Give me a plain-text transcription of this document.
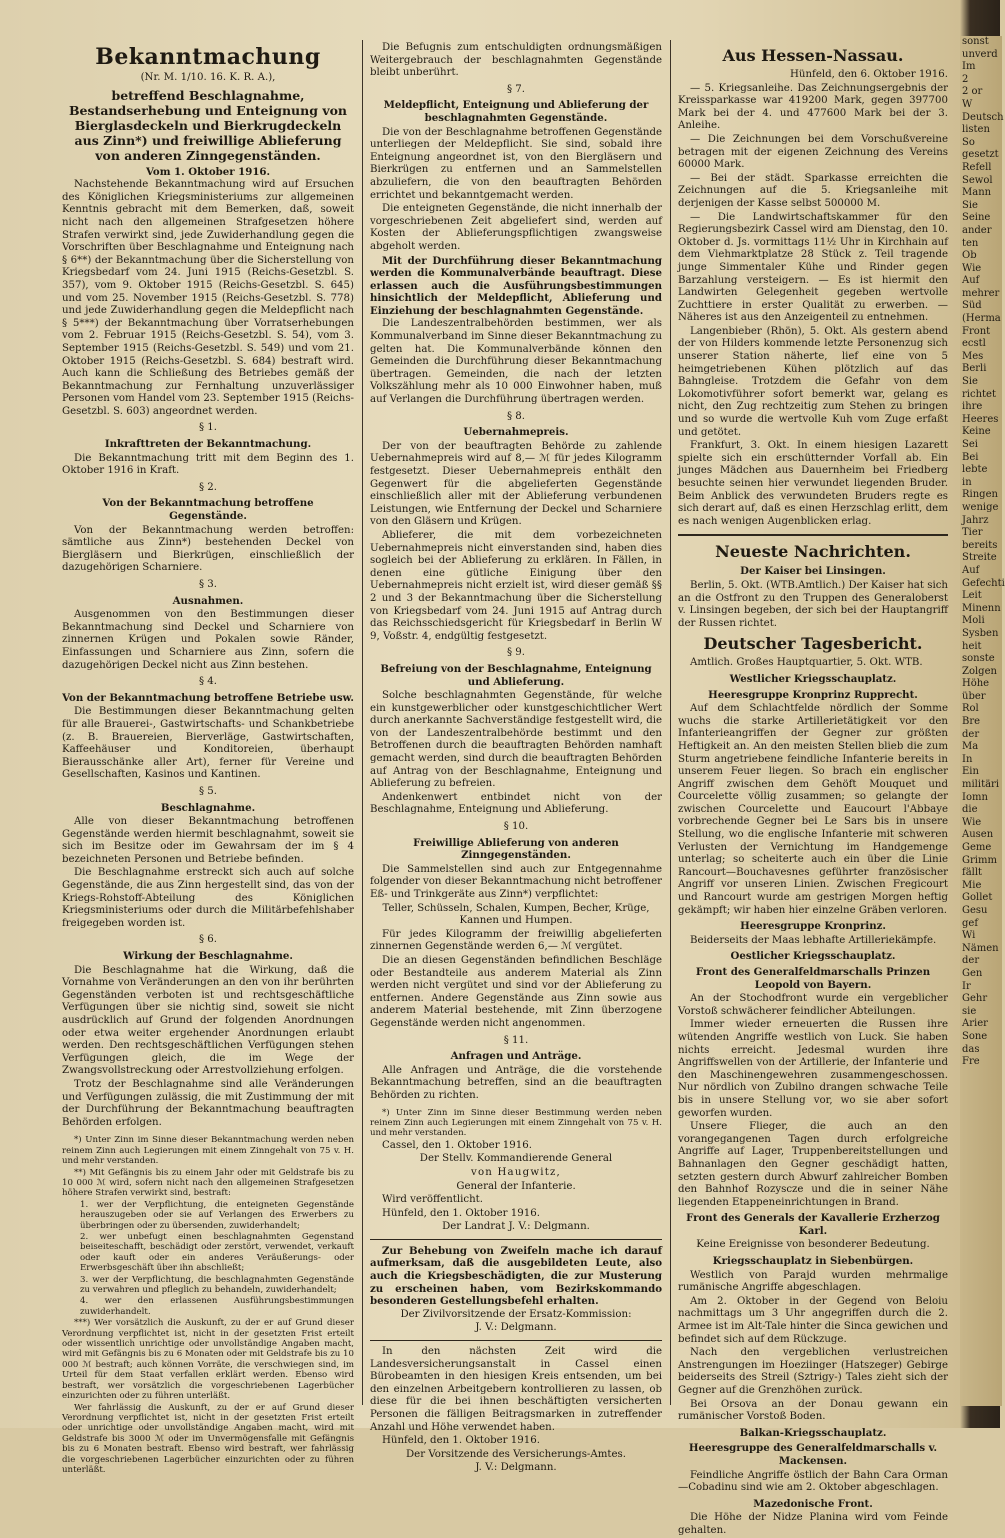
Bekanntmachung

(Nr. M. 1/10. 16. K. R. A.),

betreffend Beschlagnahme, Bestandserhebung und Enteignung von Bierglasdeckeln und Bierkrugdeckeln aus Zinn*) und freiwillige Ablieferung von anderen Zinngegenständen.

Vom 1. Oktober 1916.

Nachstehende Bekanntmachung wird auf Ersuchen des Königlichen Kriegsministeriums zur allgemeinen Kenntnis gebracht mit dem Bemerken, daß, soweit nicht nach den allgemeinen Strafgesetzen höhere Strafen verwirkt sind, jede Zuwiderhandlung gegen die Vorschriften über Beschlagnahme und Enteignung nach § 6**) der Bekanntmachung über die Sicherstellung von Kriegsbedarf vom 24. Juni 1915 (Reichs-Gesetzbl. S. 357), vom 9. Oktober 1915 (Reichs-Gesetzbl. S. 645) und vom 25. November 1915 (Reichs-Gesetzbl. S. 778) und jede Zuwiderhandlung gegen die Meldepflicht nach § 5***) der Bekanntmachung über Vorratserhebungen vom 2. Februar 1915 (Reichs-Gesetzbl. S. 54), vom 3. September 1915 (Reichs-Gesetzbl. S. 549) und vom 21. Oktober 1915 (Reichs-Gesetzbl. S. 684) bestraft wird. Auch kann die Schließung des Betriebes gemäß der Bekanntmachung zur Fernhaltung unzuverlässiger Personen vom Handel vom 23. September 1915 (Reichs-Gesetzbl. S. 603) angeordnet werden.

§ 1.

Inkrafttreten der Bekanntmachung.

Die Bekanntmachung tritt mit dem Beginn des 1. Oktober 1916 in Kraft.

§ 2.

Von der Bekanntmachung betroffene Gegenstände.

Von der Bekanntmachung werden betroffen: sämtliche aus Zinn*) bestehenden Deckel von Biergläsern und Bierkrügen, einschließlich der dazugehörigen Scharniere.

§ 3.

Ausnahmen.

Ausgenommen von den Bestimmungen dieser Bekanntmachung sind Deckel und Scharniere von zinnernen Krügen und Pokalen sowie Ränder, Einfassungen und Scharniere aus Zinn, sofern die dazugehörigen Deckel nicht aus Zinn bestehen.

§ 4.

Von der Bekanntmachung betroffene Betriebe usw.

Die Bestimmungen dieser Bekanntmachung gelten für alle Brauerei-, Gastwirtschafts- und Schankbetriebe (z. B. Brauereien, Bierverläge, Gastwirtschaften, Kaffeehäuser und Konditoreien, überhaupt Bierausschänke aller Art), ferner für Vereine und Gesellschaften, Kasinos und Kantinen.

§ 5.

Beschlagnahme.

Alle von dieser Bekanntmachung betroffenen Gegenstände werden hiermit beschlagnahmt, soweit sie sich im Besitze oder im Gewahrsam der im § 4 bezeichneten Personen und Betriebe befinden.

Die Beschlagnahme erstreckt sich auch auf solche Gegenstände, die aus Zinn hergestellt sind, das von der Kriegs-Rohstoff-Abteilung des Königlichen Kriegsministeriums oder durch die Militärbefehlshaber freigegeben worden ist.

§ 6.

Wirkung der Beschlagnahme.

Die Beschlagnahme hat die Wirkung, daß die Vornahme von Veränderungen an den von ihr berührten Gegenständen verboten ist und rechtsgeschäftliche Verfügungen über sie nichtig sind, soweit sie nicht ausdrücklich auf Grund der folgenden Anordnungen oder etwa weiter ergehender Anordnungen erlaubt werden. Den rechtsgeschäftlichen Verfügungen stehen Verfügungen gleich, die im Wege der Zwangsvollstreckung oder Arrestvollziehung erfolgen.

Trotz der Beschlagnahme sind alle Veränderungen und Verfügungen zulässig, die mit Zustimmung der mit der Durchführung der Bekanntmachung beauftragten Behörden erfolgen.

*) Unter Zinn im Sinne dieser Bekanntmachung werden neben reinem Zinn auch Legierungen mit einem Zinngehalt von 75 v. H. und mehr verstanden.

**) Mit Gefängnis bis zu einem Jahr oder mit Geldstrafe bis zu 10 000 ℳ wird, sofern nicht nach den allgemeinen Strafgesetzen höhere Strafen verwirkt sind, bestraft:

1. wer der Verpflichtung, die enteigneten Gegenstände herauszugeben oder sie auf Verlangen des Erwerbers zu überbringen oder zu übersenden, zuwiderhandelt;

2. wer unbefugt einen beschlagnahmten Gegenstand beiseiteschafft, beschädigt oder zerstört, verwendet, verkauft oder kauft oder ein anderes Veräußerungs- oder Erwerbsgeschäft über ihn abschließt;

3. wer der Verpflichtung, die beschlagnahmten Gegenstände zu verwahren und pfleglich zu behandeln, zuwiderhandelt;

4. wer den erlassenen Ausführungsbestimmungen zuwiderhandelt.

***) Wer vorsätzlich die Auskunft, zu der er auf Grund dieser Verordnung verpflichtet ist, nicht in der gesetzten Frist erteilt oder wissentlich unrichtige oder unvollständige Angaben macht, wird mit Gefängnis bis zu 6 Monaten oder mit Geldstrafe bis zu 10 000 ℳ bestraft; auch können Vorräte, die verschwiegen sind, im Urteil für dem Staat verfallen erklärt werden. Ebenso wird bestraft, wer vorsätzlich die vorgeschriebenen Lagerbücher einzurichten oder zu führen unterläßt.

Wer fahrlässig die Auskunft, zu der er auf Grund dieser Verordnung verpflichtet ist, nicht in der gesetzten Frist erteilt oder unrichtige oder unvollständige Angaben macht, wird mit Geldstrafe bis 3000 ℳ oder im Unvermögensfalle mit Gefängnis bis zu 6 Monaten bestraft. Ebenso wird bestraft, wer fahrlässig die vorgeschriebenen Lagerbücher einzurichten oder zu führen unterläßt.

Die Befugnis zum entschuldigten ordnungsmäßigen Weitergebrauch der beschlagnahmten Gegenstände bleibt unberührt.

§ 7.

Meldepflicht, Enteignung und Ablieferung der beschlagnahmten Gegenstände.

Die von der Beschlagnahme betroffenen Gegenstände unterliegen der Meldepflicht. Sie sind, sobald ihre Enteignung angeordnet ist, von den Biergläsern und Bierkrügen zu entfernen und an Sammelstellen abzuliefern, die von den beauftragten Behörden errichtet und bekanntgemacht werden.

Die enteigneten Gegenstände, die nicht innerhalb der vorgeschriebenen Zeit abgeliefert sind, werden auf Kosten der Ablieferungspflichtigen zwangsweise abgeholt werden.

Mit der Durchführung dieser Bekanntmachung werden die Kommunalverbände beauftragt. Diese erlassen auch die Ausführungsbestimmungen hinsichtlich der Meldepflicht, Ablieferung und Einziehung der beschlagnahmten Gegenstände.

Die Landeszentralbehörden bestimmen, wer als Kommunalverband im Sinne dieser Bekanntmachung zu gelten hat. Die Kommunalverbände können den Gemeinden die Durchführung dieser Bekanntmachung übertragen. Gemeinden, die nach der letzten Volkszählung mehr als 10 000 Einwohner haben, muß auf Verlangen die Durchführung übertragen werden.

§ 8.

Uebernahmepreis.

Der von der beauftragten Behörde zu zahlende Uebernahmepreis wird auf 8,— ℳ für jedes Kilogramm festgesetzt. Dieser Uebernahmepreis enthält den Gegenwert für die abgelieferten Gegenstände einschließlich aller mit der Ablieferung verbundenen Leistungen, wie Entfernung der Deckel und Scharniere von den Gläsern und Krügen.

Ablieferer, die mit dem vorbezeichneten Uebernahmepreis nicht einverstanden sind, haben dies sogleich bei der Ablieferung zu erklären. In Fällen, in denen eine gütliche Einigung über den Uebernahmepreis nicht erzielt ist, wird dieser gemäß §§ 2 und 3 der Bekanntmachung über die Sicherstellung von Kriegsbedarf vom 24. Juni 1915 auf Antrag durch das Reichsschiedsgericht für Kriegsbedarf in Berlin W 9, Voßstr. 4, endgültig festgesetzt.

§ 9.

Befreiung von der Beschlagnahme, Enteignung und Ablieferung.

Solche beschlagnahmten Gegenstände, für welche ein kunstgewerblicher oder kunstgeschichtlicher Wert durch anerkannte Sachverständige festgestellt wird, die von der Landeszentralbehörde bestimmt und den Betroffenen durch die beauftragten Behörden namhaft gemacht werden, sind durch die beauftragten Behörden auf Antrag von der Beschlagnahme, Enteignung und Ablieferung zu befreien.

Andenkenwert entbindet nicht von der Beschlagnahme, Enteignung und Ablieferung.

§ 10.

Freiwillige Ablieferung von anderen Zinngegenständen.

Die Sammelstellen sind auch zur Entgegennahme folgender von dieser Bekanntmachung nicht betroffener Eß- und Trinkgeräte aus Zinn*) verpflichtet:

Teller, Schüsseln, Schalen, Kumpen, Becher, Krüge, Kannen und Humpen.

Für jedes Kilogramm der freiwillig abgelieferten zinnernen Gegenstände werden 6,— ℳ vergütet.

Die an diesen Gegenständen befindlichen Beschläge oder Bestandteile aus anderem Material als Zinn werden nicht vergütet und sind vor der Ablieferung zu entfernen. Andere Gegenstände aus Zinn sowie aus anderem Material bestehende, mit Zinn überzogene Gegenstände werden nicht angenommen.

§ 11.

Anfragen und Anträge.

Alle Anfragen und Anträge, die die vorstehende Bekanntmachung betreffen, sind an die beauftragten Behörden zu richten.

*) Unter Zinn im Sinne dieser Bestimmung werden neben reinem Zinn auch Legierungen mit einem Zinngehalt von 75 v. H. und mehr verstanden.

Cassel, den 1. Oktober 1916.

Der Stellv. Kommandierende General

von Haugwitz,

General der Infanterie.

Wird veröffentlicht.

Hünfeld, den 1. Oktober 1916.

Der Landrat J. V.: Delgmann.

Zur Behebung von Zweifeln mache ich darauf aufmerksam, daß die ausgebildeten Leute, also auch die Kriegsbeschädigten, die zur Musterung zu erscheinen haben, vom Bezirkskommando besonderen Gestellungsbefehl erhalten.

Der Zivilvorsitzende der Ersatz-Kommission:

J. V.: Delgmann.

In den nächsten Zeit wird die Landesversicherungsanstalt in Cassel einen Bürobeamten in den hiesigen Kreis entsenden, um bei den einzelnen Arbeitgebern kontrollieren zu lassen, ob diese für die bei ihnen beschäftigten versicherten Personen die fälligen Beitragsmarken in zutreffender Anzahl und Höhe verwendet haben.

Hünfeld, den 1. Oktober 1916.

Der Vorsitzende des Versicherungs-Amtes.

J. V.: Delgmann.

Aus Hessen-Nassau.

Hünfeld, den 6. Oktober 1916.

— 5. Kriegsanleihe. Das Zeichnungsergebnis der Kreissparkasse war 419200 Mark, gegen 397700 Mark bei der 4. und 477600 Mark bei der 3. Anleihe.

— Die Zeichnungen bei dem Vorschußvereine betragen mit der eigenen Zeichnung des Vereins 60000 Mark.

— Bei der städt. Sparkasse erreichten die Zeichnungen auf die 5. Kriegsanleihe mit derjenigen der Kasse selbst 500000 M.

— Die Landwirtschaftskammer für den Regierungsbezirk Cassel wird am Dienstag, den 10. Oktober d. Js. vormittags 11½ Uhr in Kirchhain auf dem Viehmarktplatze 28 Stück z. Teil tragende junge Simmentaler Kühe und Rinder gegen Barzahlung versteigern. — Es ist hiermit den Landwirten Gelegenheit gegeben wertvolle Zuchttiere in erster Qualität zu erwerben. — Näheres ist aus den Anzeigenteil zu entnehmen.

Langenbieber (Rhön), 5. Okt. Als gestern abend der von Hilders kommende letzte Personenzug sich unserer Station näherte, lief eine von 5 heimgetriebenen Kühen plötzlich auf das Bahngleise. Trotzdem die Gefahr von dem Lokomotivführer sofort bemerkt war, gelang es nicht, den Zug rechtzeitig zum Stehen zu bringen und so wurde die wertvolle Kuh vom Zuge erfaßt und getötet.

Frankfurt, 3. Okt. In einem hiesigen Lazarett spielte sich ein erschütternder Vorfall ab. Ein junges Mädchen aus Dauernheim bei Friedberg besuchte seinen hier verwundet liegenden Bruder. Beim Anblick des verwundeten Bruders regte es sich derart auf, daß es einen Herzschlag erlitt, dem es nach wenigen Augenblicken erlag.

Neueste Nachrichten.

Der Kaiser bei Linsingen.

Berlin, 5. Okt. (WTB.Amtlich.) Der Kaiser hat sich an die Ostfront zu den Truppen des Generaloberst v. Linsingen begeben, der sich bei der Hauptangriff der Russen richtet.

Deutscher Tagesbericht.

Amtlich. Großes Hauptquartier, 5. Okt. WTB.

Westlicher Kriegsschauplatz.

Heeresgruppe Kronprinz Rupprecht.

Auf dem Schlachtfelde nördlich der Somme wuchs die starke Artillerietätigkeit vor den Infanterieangriffen der Gegner zur größten Heftigkeit an. An den meisten Stellen blieb die zum Sturm angetriebene feindliche Infanterie bereits in unserem Feuer liegen. So brach ein englischer Angriff zwischen dem Gehöft Mouquet und Courcelette völlig zusammen; so gelangte der zwischen Courcelette und Eaucourt l'Abbaye vorbrechende Gegner bei Le Sars bis in unsere Stellung, wo die englische Infanterie mit schweren Verlusten der Vernichtung im Handgemenge unterlag; so scheiterte auch ein über die Linie Rancourt—Bouchavesnes geführter französischer Angriff vor unseren Linien. Zwischen Fregicourt und Rancourt wurde am gestrigen Morgen heftig gekämpft; wir haben hier einzelne Gräben verloren.

Heeresgruppe Kronprinz.

Beiderseits der Maas lebhafte Artilleriekämpfe.

Oestlicher Kriegsschauplatz.

Front des Generalfeldmarschalls Prinzen Leopold von Bayern.

An der Stochodfront wurde ein vergeblicher Vorstoß schwächerer feindlicher Abteilungen.

Immer wieder erneuerten die Russen ihre wütenden Angriffe westlich von Luck. Sie haben nichts erreicht. Jedesmal wurden ihre Angriffswellen von der Artillerie, der Infanterie und den Maschinengewehren zusammengeschossen. Nur nördlich von Zubilno drangen schwache Teile bis in unsere Stellung vor, wo sie aber sofort geworfen wurden.

Unsere Flieger, die auch an den vorangegangenen Tagen durch erfolgreiche Angriffe auf Lager, Truppenbereitstellungen und Bahnanlagen den Gegner geschädigt hatten, setzten gestern durch Abwurf zahlreicher Bomben den Bahnhof Rozyscze und die in seiner Nähe liegenden Etappeneinrichtungen in Brand.

Front des Generals der Kavallerie Erzherzog Karl.

Keine Ereignisse von besonderer Bedeutung.

Kriegsschauplatz in Siebenbürgen.

Westlich von Parajd wurden mehrmalige rumänische Angriffe abgeschlagen.

Am 2. Oktober in der Gegend von Beloiu nachmittags um 3 Uhr angegriffen durch die 2. Armee ist im Alt-Tale hinter die Sinca gewichen und befindet sich auf dem Rückzuge.

Nach den vergeblichen verlustreichen Anstrengungen im Hoeziinger (Hatszeger) Gebirge beiderseits des Streil (Sztrigy-) Tales zieht sich der Gegner auf die Grenzhöhen zurück.

Bei Orsova an der Donau gewann ein rumänischer Vorstoß Boden.

Balkan-Kriegsschauplatz.

Heeresgruppe des Generalfeldmarschalls v. Mackensen.

Feindliche Angriffe östlich der Bahn Cara Orman—Cobadinu sind wie am 2. Oktober abgeschlagen.

Mazedonische Front.

Die Höhe der Nidze Planina wird vom Feinde gehalten.

sonst
unverd
Im
2
2 or
W
Deutsch
listen
So
gesetzt
Refell
Sewol
Mann
Sie
Seine
ander
ten
Ob
Wie
Auf
mehrer
Süd
(Herma
Front
ecstl
Mes
Berli
Sie
richtet
ihre
Heeres
Keine
Sei
Bei
lebte
in
Ringen
wenige
Jahrz
Tier
bereits
Streite
Auf
Gefechti
Leit
Minenn
Moli
Sysben
heit
sonste
Zolgen
Höhe
über
Rol
Bre
der
Ma
In
Ein
militäri
Iomn
die
Wie
Ausen
Geme
Grimm
fällt
Mie
Gollet
Gesu
gef
Wi
Nämen
der
Gen
Ir
Gehr
sie
Arier
Sone
das
Fre
